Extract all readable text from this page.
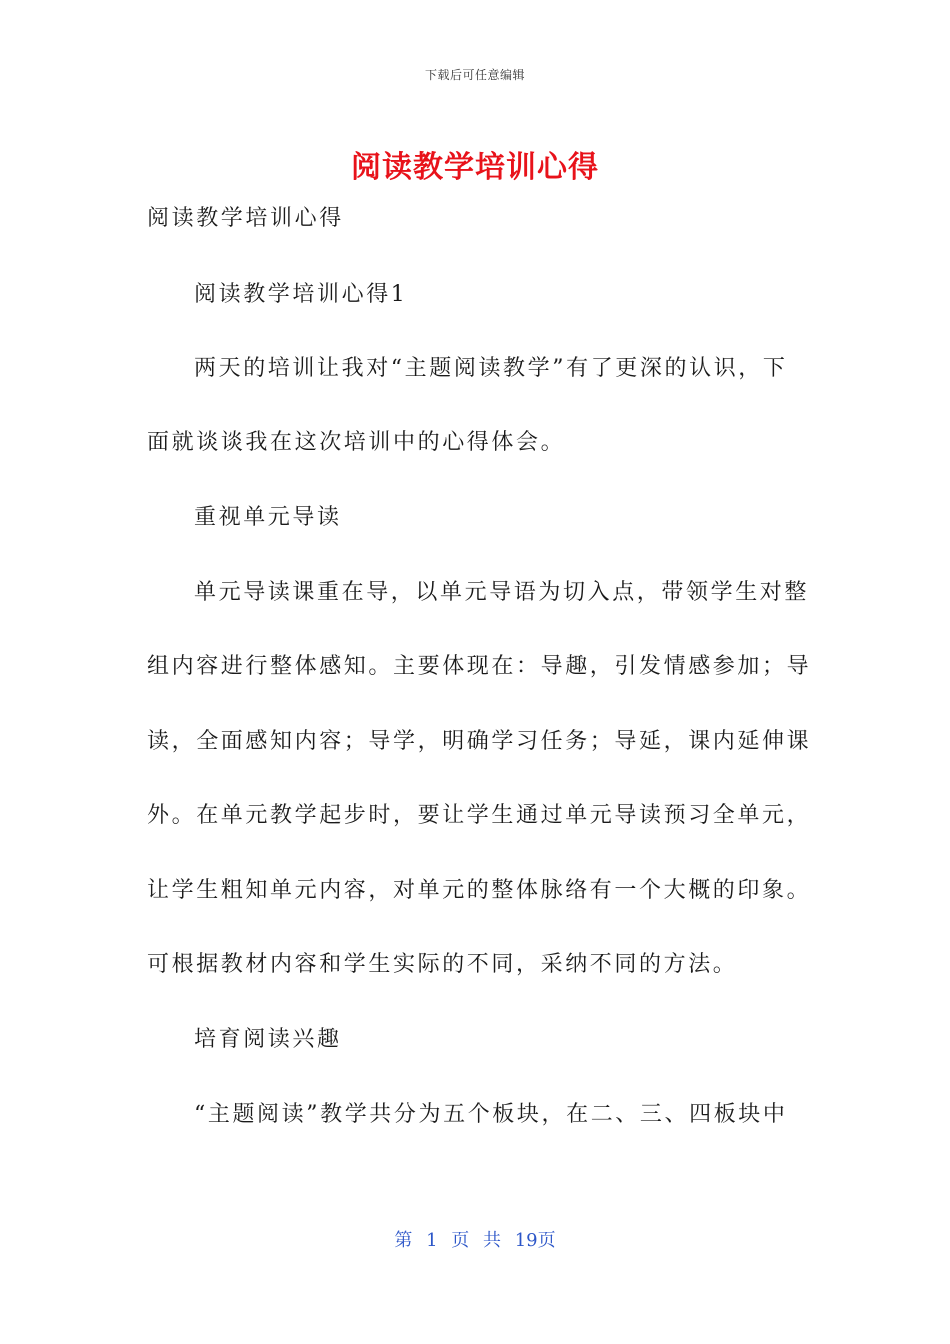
下载后可任意编辑
阅读教学培训心得
阅读教学培训心得
阅读教学培训心得1
两天的培训让我对“主题阅读教学”有了更深的认识，下
面就谈谈我在这次培训中的心得体会。
重视单元导读
单元导读课重在导，以单元导语为切入点，带领学生对整
组内容进行整体感知。主要体现在：导趣，引发情感参加；导
读，全面感知内容；导学，明确学习任务；导延，课内延伸课
外。在单元教学起步时，要让学生通过单元导读预习全单元，
让学生粗知单元内容，对单元的整体脉络有一个大概的印象。
可根据教材内容和学生实际的不同，采纳不同的方法。
培育阅读兴趣
“主题阅读”教学共分为五个板块，在二、三、四板块中
第 1 页 共 19页
